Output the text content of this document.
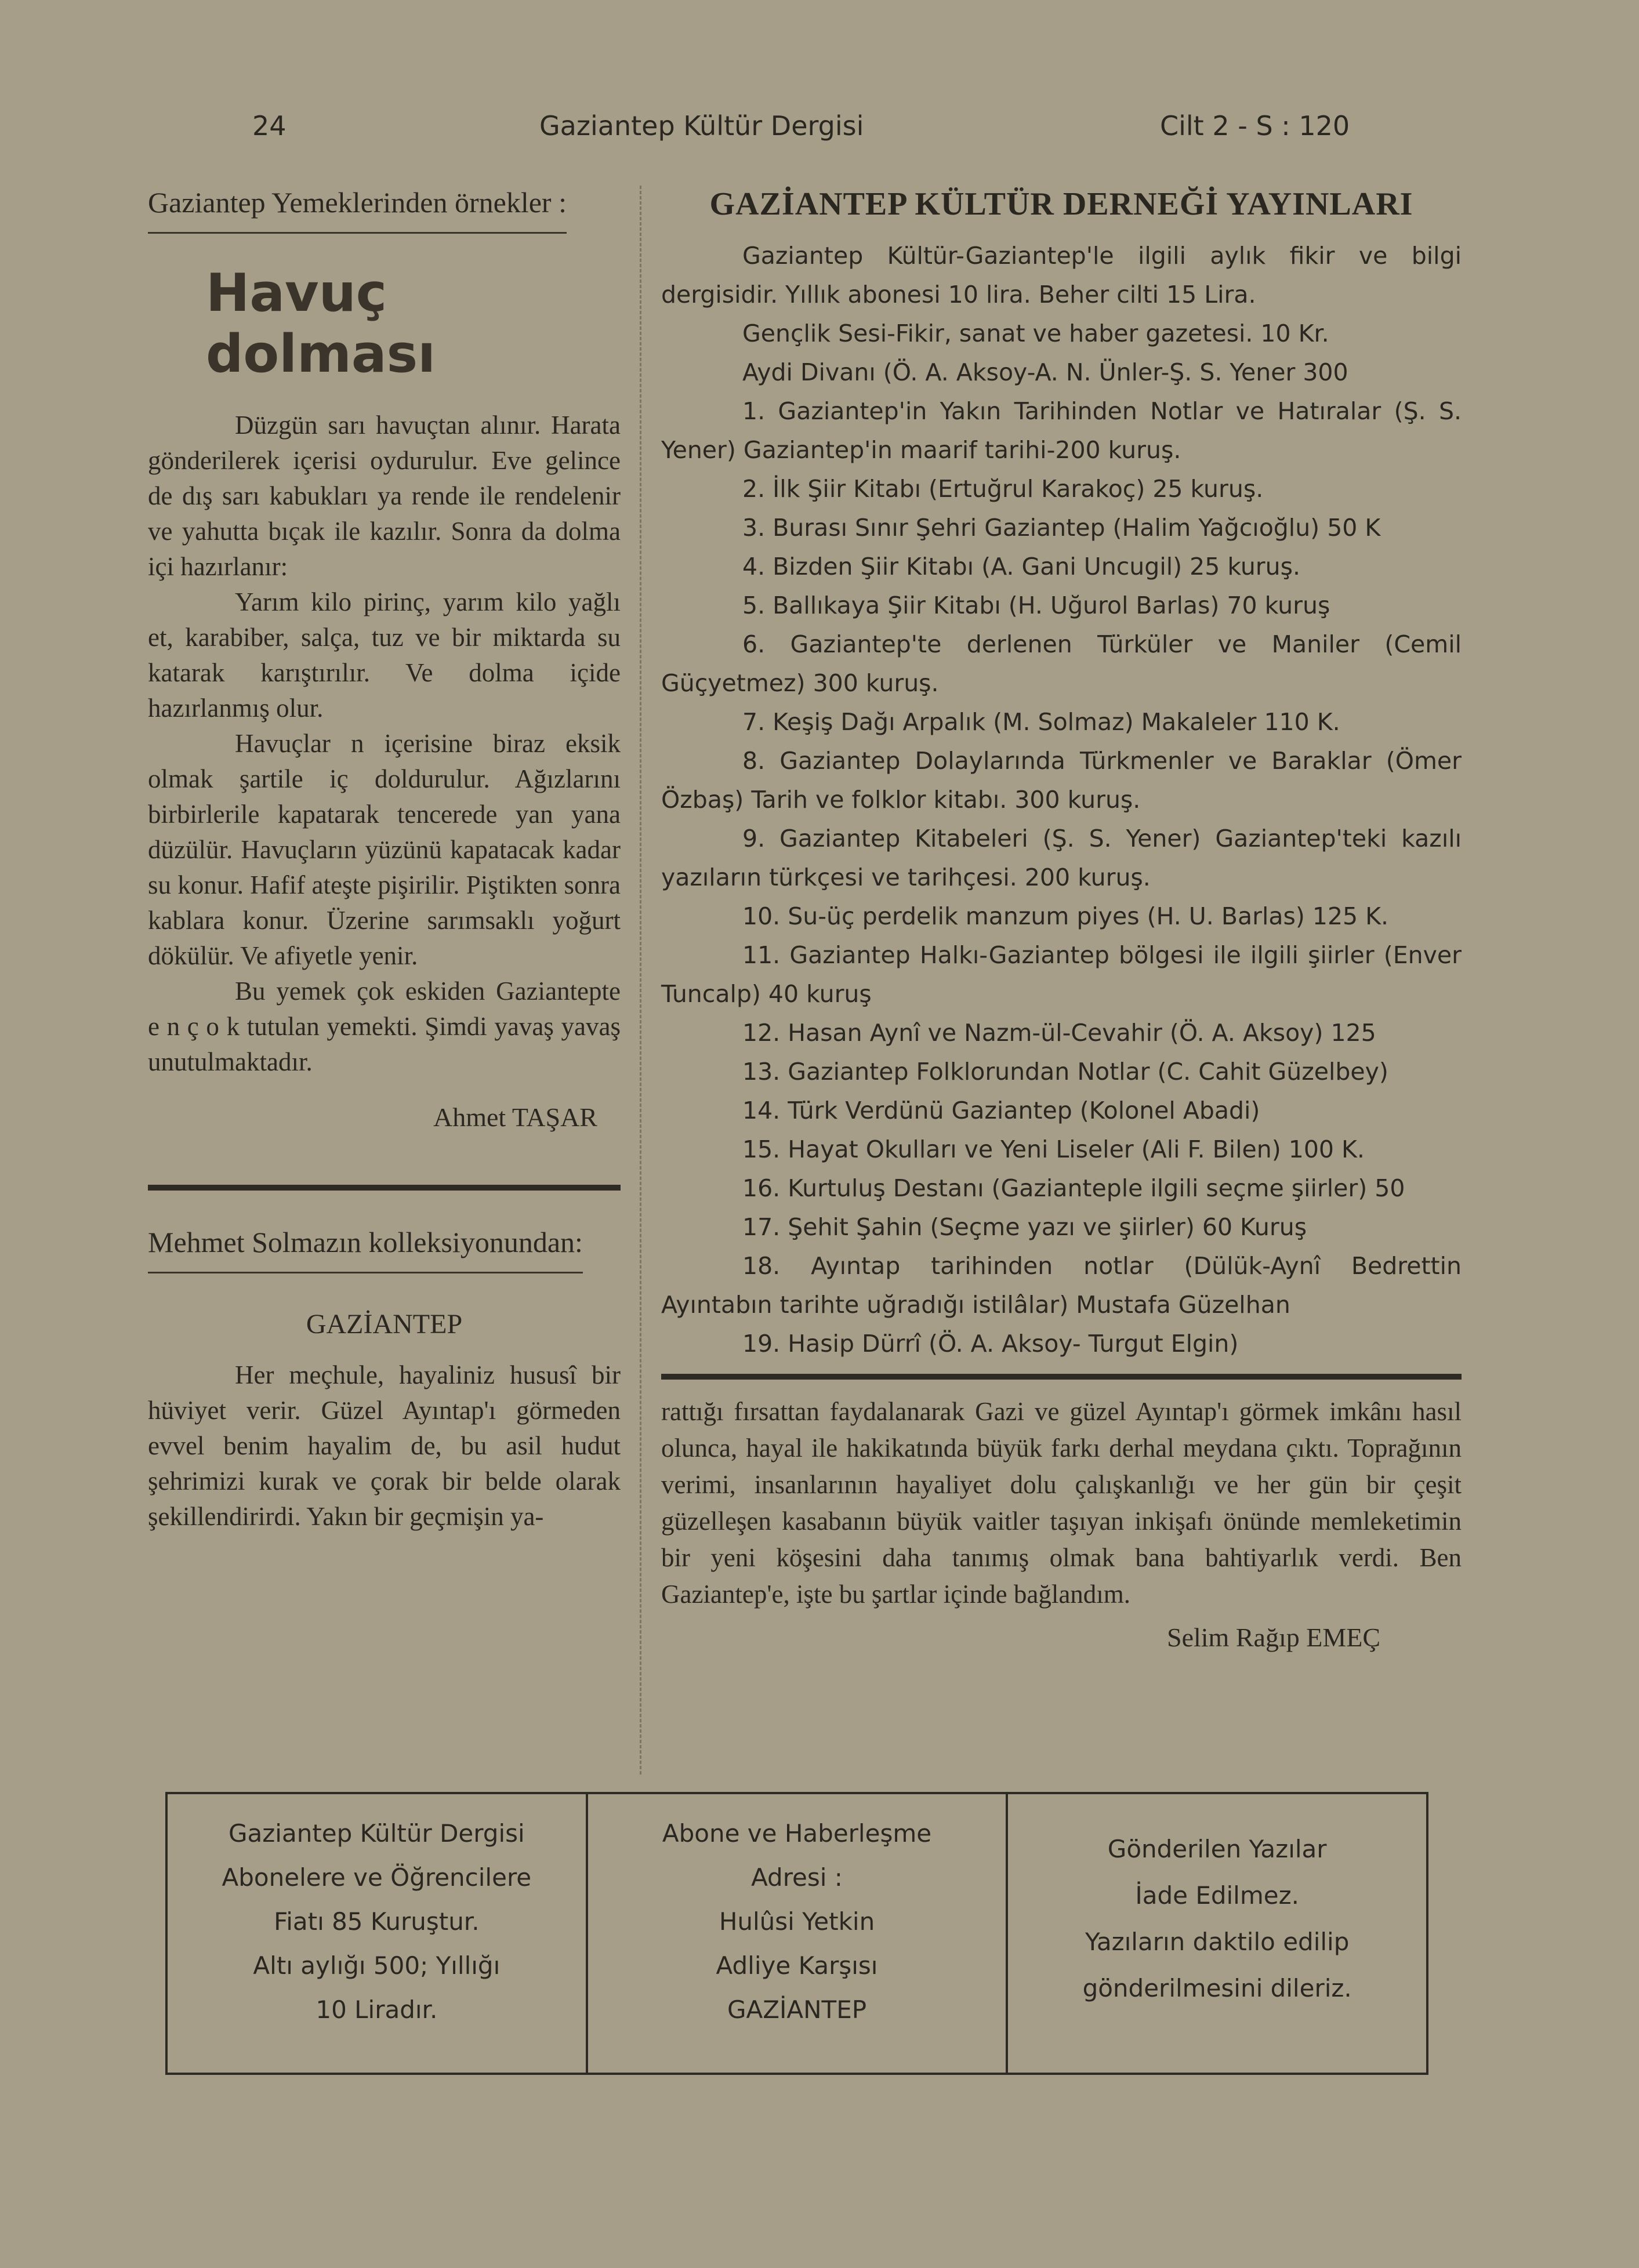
24	Gaziantep Kültür Dergisi	Cilt 2 - S : 120
Gaziantep Yemeklerinden örnekler :
Havuç dolması

Düzgün sarı havuçtan alınır. Harata gönderilerek içerisi oydurulur. Eve gelince de dış sarı kabukları ya rende ile rendelenir ve yahutta bıçak ile kazılır. Sonra da dolma içi hazırlanır:

Yarım kilo pirinç, yarım kilo yağlı et, karabiber, salça, tuz ve bir miktarda su katarak karıştırılır. Ve dolma içide hazırlanmış olur.

Havuçlar n içerisine biraz eksik olmak şartile iç doldurulur. Ağızlarını birbirlerile kapatarak tencerede yan yana düzülür. Havuçların yüzünü kapatacak kadar su konur. Hafif ateşte pişirilir. Piştikten sonra kablara konur. Üzerine sarımsaklı yoğurt dökülür. Ve afiyetle yenir.

Bu yemek çok eskiden Gaziantepte e n ç o k tutulan yemekti. Şimdi yavaş yavaş unutulmaktadır.

Ahmet TAŞAR
Mehmet Solmazın kolleksiyonundan:
GAZİANTEP

Her meçhule, hayaliniz hususî bir hüviyet verir. Güzel Ayıntap'ı görmeden evvel benim hayalim de, bu asil hudut şehrimizi kurak ve çorak bir belde olarak şekillendirirdi. Yakın bir geçmişin ya-

GAZİANTEP KÜLTÜR DERNEĞİ YAYINLARI

Gaziantep Kültür-Gaziantep'le ilgili aylık fikir ve bilgi dergisidir. Yıllık abonesi 10 lira. Beher cilti 15 Lira.

Gençlik Sesi-Fikir, sanat ve haber gazetesi. 10 Kr.

Aydi Divanı (Ö. A. Aksoy-A. N. Ünler-Ş. S. Yener 300

1. Gaziantep'in Yakın Tarihinden Notlar ve Hatıralar (Ş. S. Yener) Gaziantep'in maarif tarihi-200 kuruş.

2. İlk Şiir Kitabı (Ertuğrul Karakoç) 25 kuruş.

3. Burası Sınır Şehri Gaziantep (Halim Yağcıoğlu) 50 K

4. Bizden Şiir Kitabı (A. Gani Uncugil) 25 kuruş.

5. Ballıkaya Şiir Kitabı (H. Uğurol Barlas) 70 kuruş

6. Gaziantep'te derlenen Türküler ve Maniler (Cemil Güçyetmez) 300 kuruş.

7. Keşiş Dağı Arpalık (M. Solmaz) Makaleler 110 K.

8. Gaziantep Dolaylarında Türkmenler ve Baraklar (Ömer Özbaş) Tarih ve folklor kitabı. 300 kuruş.

9. Gaziantep Kitabeleri (Ş. S. Yener) Gaziantep'teki kazılı yazıların türkçesi ve tarihçesi. 200 kuruş.

10. Su-üç perdelik manzum piyes (H. U. Barlas) 125 K.

11. Gaziantep Halkı-Gaziantep bölgesi ile ilgili şiirler (Enver Tuncalp) 40 kuruş

12. Hasan Aynî ve Nazm-ül-Cevahir (Ö. A. Aksoy) 125

13. Gaziantep Folklorundan Notlar (C. Cahit Güzelbey)

14. Türk Verdünü Gaziantep (Kolonel Abadi)

15. Hayat Okulları ve Yeni Liseler (Ali F. Bilen) 100 K.

16. Kurtuluş Destanı (Gazianteple ilgili seçme şiirler) 50

17. Şehit Şahin (Seçme yazı ve şiirler) 60 Kuruş

18. Ayıntap tarihinden notlar (Dülük-Aynî Bedrettin Ayıntabın tarihte uğradığı istilâlar) Mustafa Güzelhan

19. Hasip Dürrî (Ö. A. Aksoy- Turgut Elgin)

rattığı fırsattan faydalanarak Gazi ve güzel Ayıntap'ı görmek imkânı hasıl olunca, hayal ile hakikatında büyük farkı derhal meydana çıktı. Toprağının verimi, insanlarının hayaliyet dolu çalışkanlığı ve her gün bir çeşit güzelleşen kasabanın büyük vaitler taşıyan inkişafı önünde memleketimin bir yeni köşesini daha tanımış olmak bana bahtiyarlık verdi. Ben Gaziantep'e, işte bu şartlar içinde bağlandım.
Selim Rağıp EMEÇ
Gaziantep Kültür Dergisi
Abonelere ve Öğrencilere
Fiatı 85 Kuruştur.
Altı aylığı 500; Yıllığı
10 Liradır.
Abone ve Haberleşme
Adresi :
Hulûsi Yetkin
Adliye Karşısı
GAZİANTEP
Gönderilen Yazılar
İade Edilmez.
Yazıların daktilo edilip
gönderilmesini dileriz.
